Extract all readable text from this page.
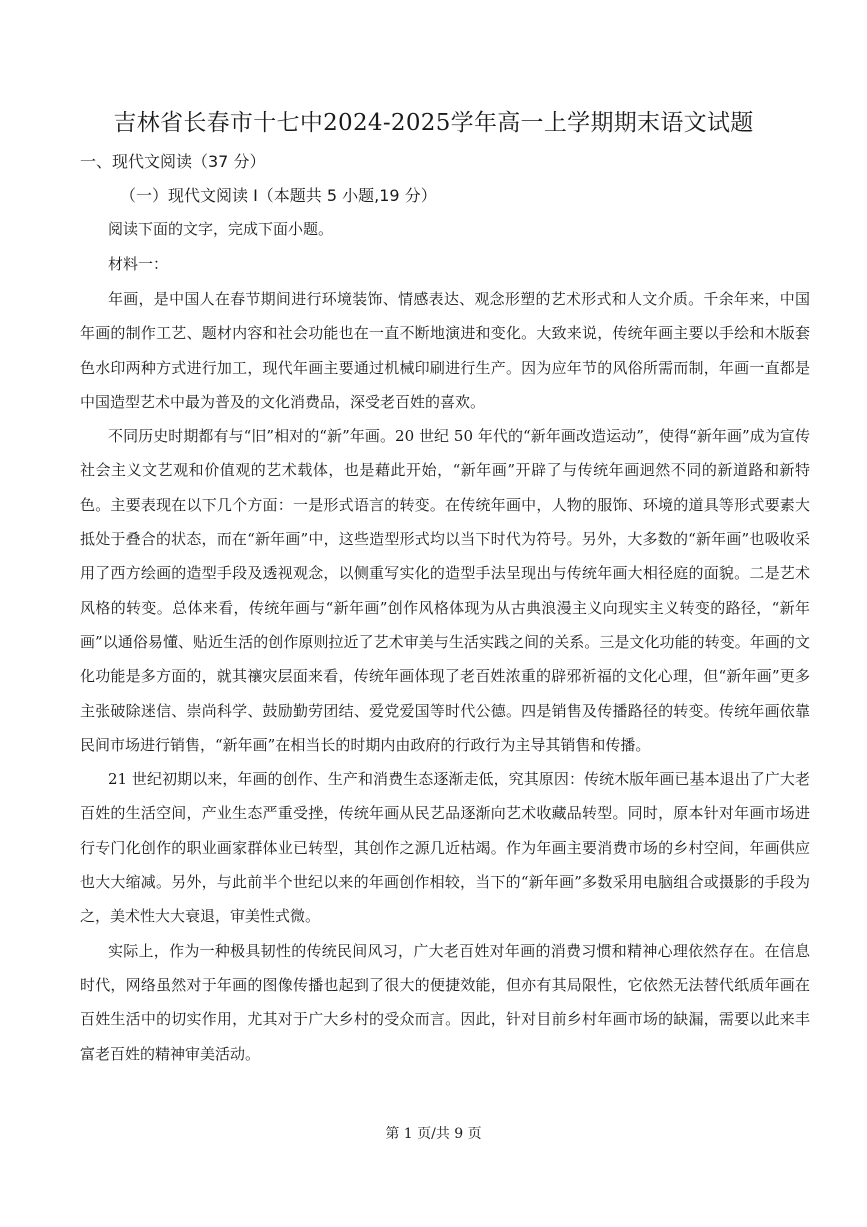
吉林省长春市十七中2024-2025学年高一上学期期末语文试题
一、现代文阅读（37 分）
（一）现代文阅读 I（本题共 5 小题,19 分）
阅读下面的文字，完成下面小题。
材料一：

年画，是中国人在春节期间进行环境装饰、情感表达、观念形塑的艺术形式和人文介质。千余年来，中国年画的制作工艺、题材内容和社会功能也在一直不断地演进和变化。大致来说，传统年画主要以手绘和木版套色水印两种方式进行加工，现代年画主要通过机械印刷进行生产。因为应年节的风俗所需而制，年画一直都是中国造型艺术中最为普及的文化消费品，深受老百姓的喜欢。

不同历史时期都有与“旧”相对的“新”年画。20 世纪 50 年代的“新年画改造运动”，使得“新年画”成为宣传社会主义文艺观和价值观的艺术载体，也是藉此开始，“新年画”开辟了与传统年画迥然不同的新道路和新特色。主要表现在以下几个方面：一是形式语言的转变。在传统年画中，人物的服饰、环境的道具等形式要素大抵处于叠合的状态，而在“新年画”中，这些造型形式均以当下时代为符号。另外，大多数的“新年画”也吸收采用了西方绘画的造型手段及透视观念，以侧重写实化的造型手法呈现出与传统年画大相径庭的面貌。二是艺术风格的转变。总体来看，传统年画与“新年画”创作风格体现为从古典浪漫主义向现实主义转变的路径，“新年画”以通俗易懂、贴近生活的创作原则拉近了艺术审美与生活实践之间的关系。三是文化功能的转变。年画的文化功能是多方面的，就其禳灾层面来看，传统年画体现了老百姓浓重的辟邪祈福的文化心理，但“新年画”更多主张破除迷信、崇尚科学、鼓励勤劳团结、爱党爱国等时代公德。四是销售及传播路径的转变。传统年画依靠民间市场进行销售，“新年画”在相当长的时期内由政府的行政行为主导其销售和传播。

21 世纪初期以来，年画的创作、生产和消费生态逐渐走低，究其原因：传统木版年画已基本退出了广大老百姓的生活空间，产业生态严重受挫，传统年画从民艺品逐渐向艺术收藏品转型。同时，原本针对年画市场进行专门化创作的职业画家群体业已转型，其创作之源几近枯竭。作为年画主要消费市场的乡村空间，年画供应也大大缩减。另外，与此前半个世纪以来的年画创作相较，当下的“新年画”多数采用电脑组合或摄影的手段为之，美术性大大衰退，审美性式微。

实际上，作为一种极具韧性的传统民间风习，广大老百姓对年画的消费习惯和精神心理依然存在。在信息时代，网络虽然对于年画的图像传播也起到了很大的便捷效能，但亦有其局限性，它依然无法替代纸质年画在百姓生活中的切实作用，尤其对于广大乡村的受众而言。因此，针对目前乡村年画市场的缺漏，需要以此来丰富老百姓的精神审美活动。

第 1 页/共 9 页
